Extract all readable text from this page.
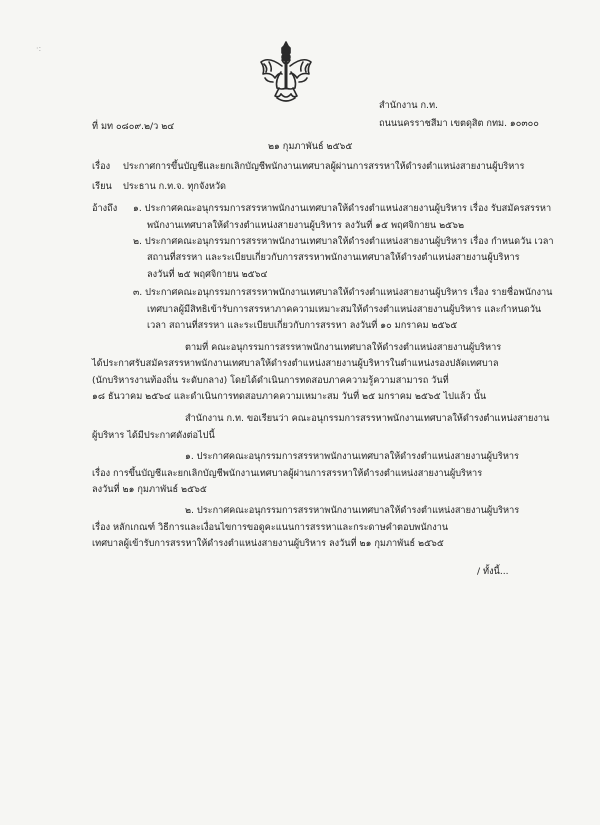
·:
ที่ มท ๐๘๐๙.๒/ว ๒๔
สำนักงาน ก.ท.
ถนนนครราชสีมา เขตดุสิต กทม. ๑๐๓๐๐
๒๑ กุมภาพันธ์ ๒๕๖๕
เรื่อง ประกาศการขึ้นบัญชีและยกเลิกบัญชีพนักงานเทศบาลผู้ผ่านการสรรหาให้ดำรงตำแหน่งสายงานผู้บริหาร
เรียน ประธาน ก.ท.จ. ทุกจังหวัด
อ้างถึง ๑. ประกาศคณะอนุกรรมการสรรหาพนักงานเทศบาลให้ดำรงตำแหน่งสายงานผู้บริหาร เรื่อง รับสมัครสรรหา
พนักงานเทศบาลให้ดำรงตำแหน่งสายงานผู้บริหาร ลงวันที่ ๑๕ พฤศจิกายน ๒๕๖๒
๒. ประกาศคณะอนุกรรมการสรรหาพนักงานเทศบาลให้ดำรงตำแหน่งสายงานผู้บริหาร เรื่อง กำหนดวัน เวลา
สถานที่สรรหา และระเบียบเกี่ยวกับการสรรหาพนักงานเทศบาลให้ดำรงตำแหน่งสายงานผู้บริหาร
ลงวันที่ ๒๕ พฤศจิกายน ๒๕๖๔
๓. ประกาศคณะอนุกรรมการสรรหาพนักงานเทศบาลให้ดำรงตำแหน่งสายงานผู้บริหาร เรื่อง รายชื่อพนักงาน
เทศบาลผู้มีสิทธิเข้ารับการสรรหาภาคความเหมาะสมให้ดำรงตำแหน่งสายงานผู้บริหาร และกำหนดวัน
เวลา สถานที่สรรหา และระเบียบเกี่ยวกับการสรรหา ลงวันที่ ๑๐ มกราคม ๒๕๖๕
ตามที่ คณะอนุกรรมการสรรหาพนักงานเทศบาลให้ดำรงตำแหน่งสายงานผู้บริหาร
ได้ประกาศรับสมัครสรรหาพนักงานเทศบาลให้ดำรงตำแหน่งสายงานผู้บริหารในตำแหน่งรองปลัดเทศบาล
(นักบริหารงานท้องถิ่น ระดับกลาง) โดยได้ดำเนินการทดสอบภาคความรู้ความสามารถ วันที่
๑๘ ธันวาคม ๒๕๖๔ และดำเนินการทดสอบภาคความเหมาะสม วันที่ ๒๕ มกราคม ๒๕๖๕ ไปแล้ว นั้น
สำนักงาน ก.ท. ขอเรียนว่า คณะอนุกรรมการสรรหาพนักงานเทศบาลให้ดำรงตำแหน่งสายงาน
ผู้บริหาร ได้มีประกาศดังต่อไปนี้
๑. ประกาศคณะอนุกรรมการสรรหาพนักงานเทศบาลให้ดำรงตำแหน่งสายงานผู้บริหาร
เรื่อง การขึ้นบัญชีและยกเลิกบัญชีพนักงานเทศบาลผู้ผ่านการสรรหาให้ดำรงตำแหน่งสายงานผู้บริหาร
ลงวันที่ ๒๑ กุมภาพันธ์ ๒๕๖๕
๒. ประกาศคณะอนุกรรมการสรรหาพนักงานเทศบาลให้ดำรงตำแหน่งสายงานผู้บริหาร
เรื่อง หลักเกณฑ์ วิธีการและเงื่อนไขการขอดูคะแนนการสรรหาและกระดาษคำตอบพนักงาน
เทศบาลผู้เข้ารับการสรรหาให้ดำรงตำแหน่งสายงานผู้บริหาร ลงวันที่ ๒๑ กุมภาพันธ์ ๒๕๖๕
/ ทั้งนี้...
